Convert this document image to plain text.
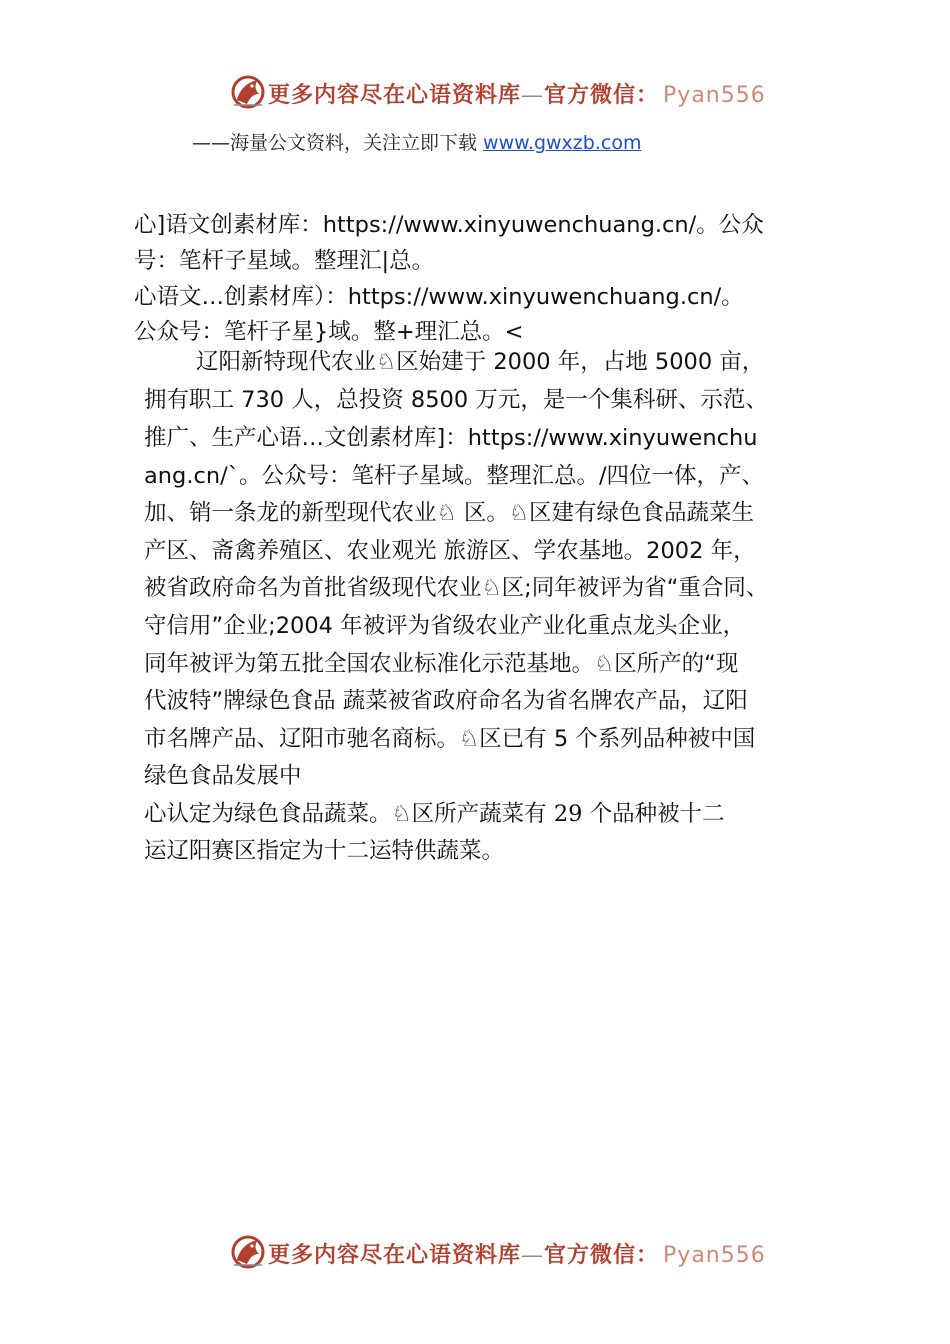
更多内容尽在心语资料库—官方微信： Pyan556
——海量公文资料，关注立即下载 www.gwxzb.com
心]语文创素材库：https://www.xinyuwenchuang.cn/。公众
号：笔杆子星域。整理汇|总。
心语文…创素材库）：https://www.xinyuwenchuang.cn/。
公众号：笔杆子星}域。整+理汇总。<
辽阳新特现代农业♘区始建于 2000 年，占地 5000 亩，
拥有职工 730 人，总投资 8500 万元，是一个集科研、示范、
推广、生产心语…文创素材库]：https://www.xinyuwenchu
ang.cn/`。公众号：笔杆子星域。整理汇总。/四位一体，产、
加、销一条龙的新型现代农业♘ 区。♘区建有绿色食品蔬菜生
产区、斋禽养殖区、农业观光 旅游区、学农基地。2002 年，
被省政府命名为首批省级现代农业♘区;同年被评为省“重合同、
守信用”企业;2004 年被评为省级农业产业化重点龙头企业，
同年被评为第五批全国农业标准化示范基地。♘区所产的“现
代波特”牌绿色食品 蔬菜被省政府命名为省名牌农产品，辽阳
市名牌产品、辽阳市驰名商标。♘区已有 5 个系列品种被中国
绿色食品发展中
心认定为绿色食品蔬菜。♘区所产蔬菜有 29 个品种被十二
运辽阳赛区指定为十二运特供蔬菜。
更多内容尽在心语资料库—官方微信： Pyan556
